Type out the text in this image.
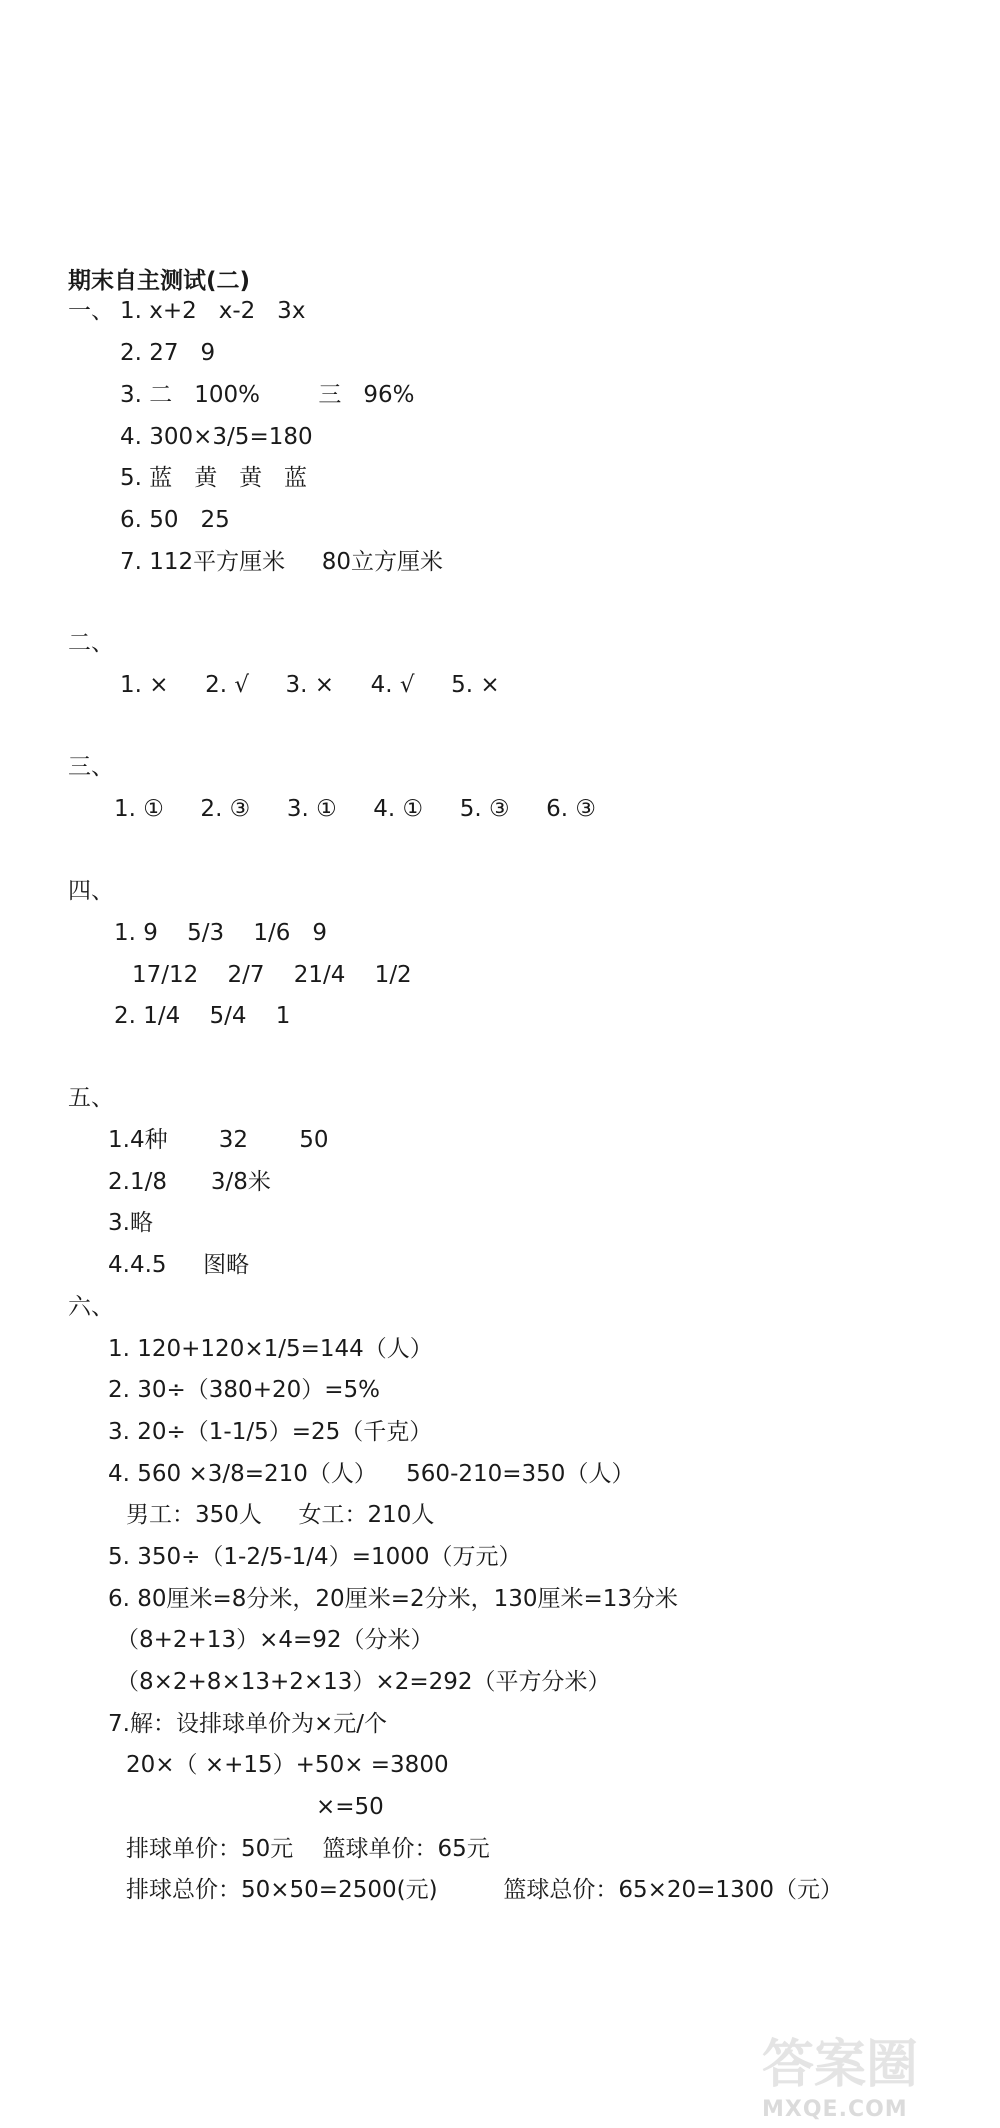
期末自主测试(二)
一、 1. x+2   x-2   3x
2. 27   9
3. 二   100%        三   96%
4. 300×3/5=180
5. 蓝   黄   黄   蓝
6. 50   25
7. 112平方厘米     80立方厘米
二、
1. ×     2. √     3. ×     4. √     5. ×
三、
1. ①     2. ③     3. ①     4. ①     5. ③     6. ③
四、
1. 9    5/3    1/6   9
17/12    2/7    21/4    1/2
2. 1/4    5/4    1
五、
1.4种       32       50
2.1/8      3/8米
3.略
4.4.5     图略
六、
1. 120+120×1/5=144（人）
2. 30÷（380+20）=5%
3. 20÷（1-1/5）=25（千克）
4. 560 ×3/8=210（人）    560-210=350（人）
男工：350人     女工：210人
5. 350÷（1-2/5-1/4）=1000（万元）
6. 80厘米=8分米，20厘米=2分米，130厘米=13分米
（8+2+13）×4=92（分米）
（8×2+8×13+2×13）×2=292（平方分米）
7.解：设排球单价为×元/个
20×（ ×+15）+50× =3800
×=50
排球单价：50元    篮球单价：65元
排球总价：50×50=2500(元)         篮球总价：65×20=1300（元）
答案圈
MXQE.COM
